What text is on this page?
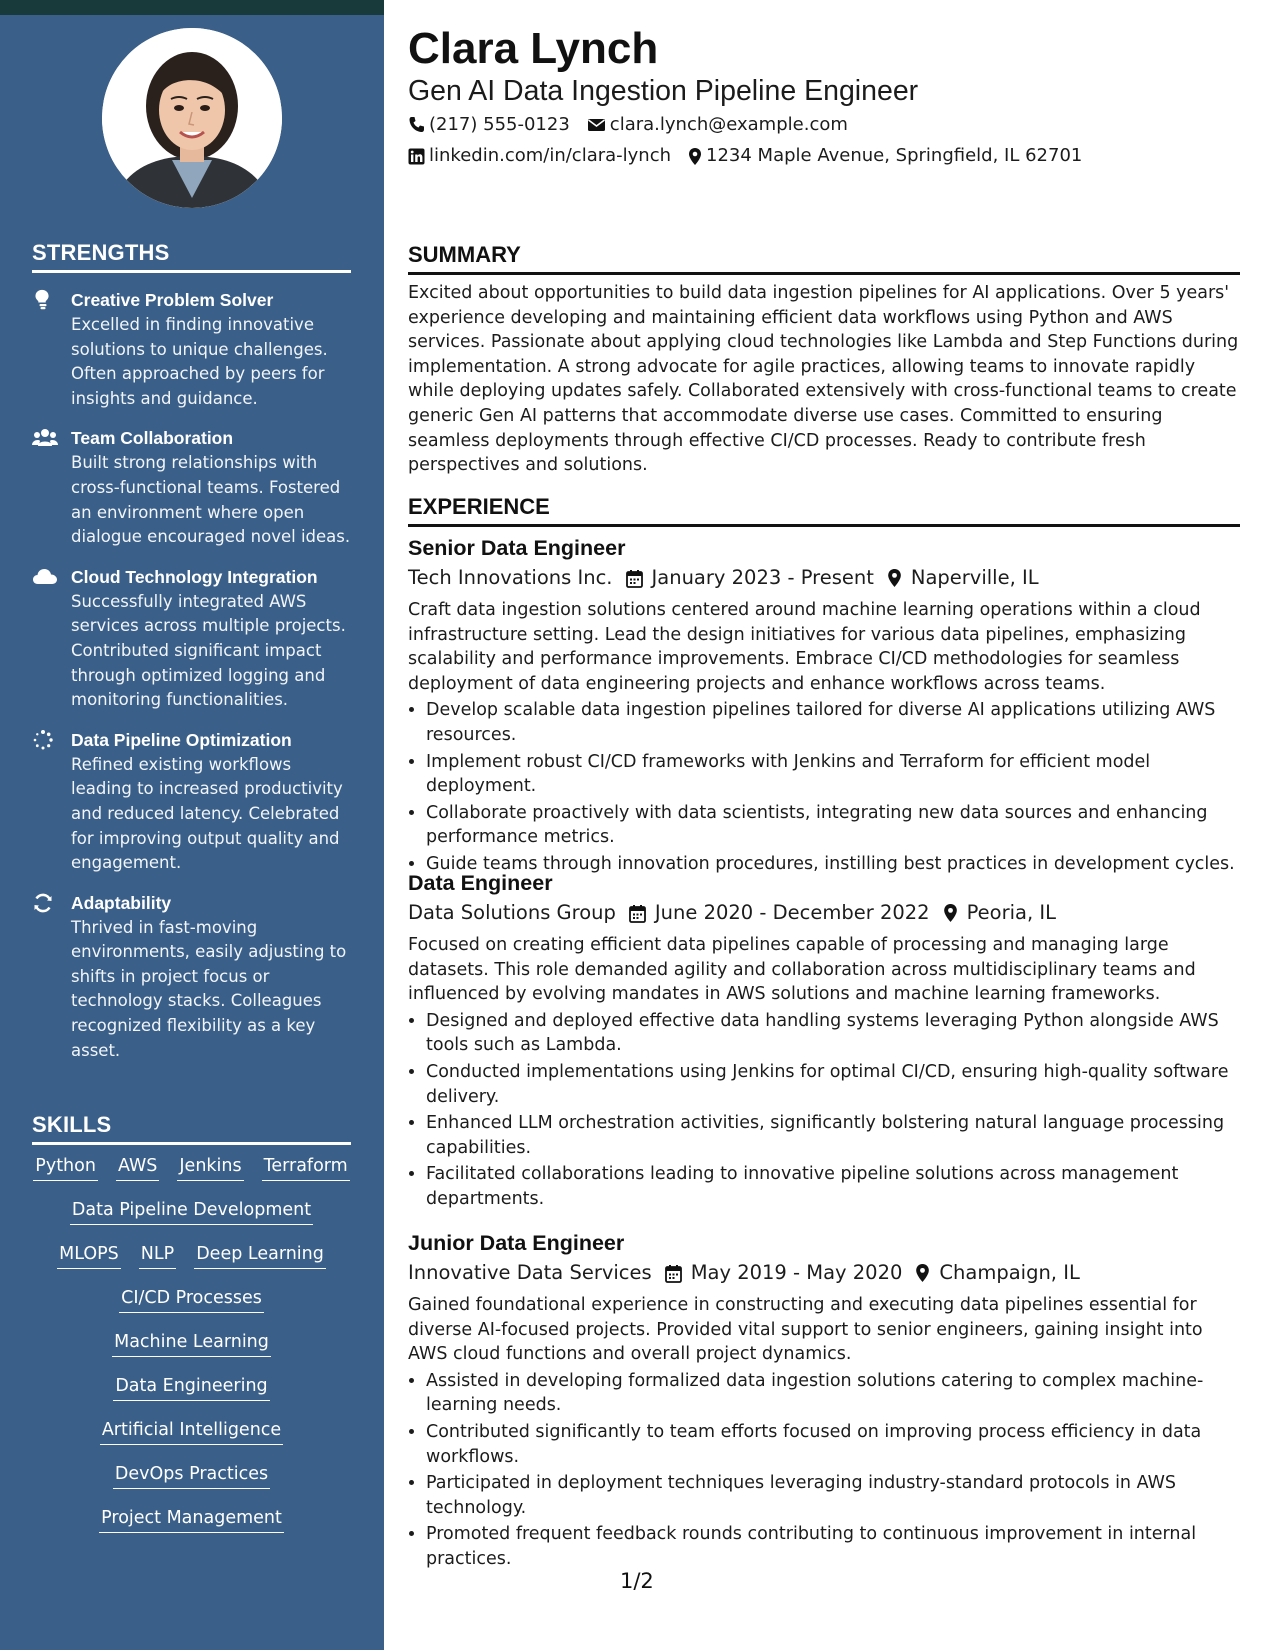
STRENGTHS
Creative Problem Solver
Excelled in finding innovative solutions to unique challenges. Often approached by peers for insights and guidance.
Team Collaboration
Built strong relationships with cross-functional teams. Fostered an environment where open dialogue encouraged novel ideas.
Cloud Technology Integration
Successfully integrated AWS services across multiple projects. Contributed significant impact through optimized logging and monitoring functionalities.
Data Pipeline Optimization
Refined existing workflows leading to increased productivity and reduced latency. Celebrated for improving output quality and engagement.
Adaptability
Thrived in fast-moving environments, easily adjusting to shifts in project focus or technology stacks. Colleagues recognized flexibility as a key asset.
SKILLS
Python AWS Jenkins Terraform
Data Pipeline Development
MLOPS NLP Deep Learning
CI/CD Processes
Machine Learning
Data Engineering
Artificial Intelligence
DevOps Practices
Project Management
Clara Lynch
Gen AI Data Ingestion Pipeline Engineer
(217) 555-0123 clara.lynch@example.com
linkedin.com/in/clara-lynch 1234 Maple Avenue, Springfield, IL 62701
SUMMARY
Excited about opportunities to build data ingestion pipelines for AI applications. Over 5 years' experience developing and maintaining efficient data workflows using Python and AWS services. Passionate about applying cloud technologies like Lambda and Step Functions during implementation. A strong advocate for agile practices, allowing teams to innovate rapidly while deploying updates safely. Collaborated extensively with cross-functional teams to create generic Gen AI patterns that accommodate diverse use cases. Committed to ensuring seamless deployments through effective CI/CD processes. Ready to contribute fresh perspectives and solutions.
EXPERIENCE
Senior Data Engineer
Tech Innovations Inc. January 2023 - Present Naperville, IL
Craft data ingestion solutions centered around machine learning operations within a cloud infrastructure setting. Lead the design initiatives for various data pipelines, emphasizing scalability and performance improvements. Embrace CI/CD methodologies for seamless deployment of data engineering projects and enhance workflows across teams.
• Develop scalable data ingestion pipelines tailored for diverse AI applications utilizing AWS resources.
• Implement robust CI/CD frameworks with Jenkins and Terraform for efficient model deployment.
• Collaborate proactively with data scientists, integrating new data sources and enhancing performance metrics.
• Guide teams through innovation procedures, instilling best practices in development cycles.
Data Engineer
Data Solutions Group June 2020 - December 2022 Peoria, IL
Focused on creating efficient data pipelines capable of processing and managing large datasets. This role demanded agility and collaboration across multidisciplinary teams and influenced by evolving mandates in AWS solutions and machine learning frameworks.
• Designed and deployed effective data handling systems leveraging Python alongside AWS tools such as Lambda.
• Conducted implementations using Jenkins for optimal CI/CD, ensuring high-quality software delivery.
• Enhanced LLM orchestration activities, significantly bolstering natural language processing capabilities.
• Facilitated collaborations leading to innovative pipeline solutions across management departments.
Junior Data Engineer
Innovative Data Services May 2019 - May 2020 Champaign, IL
Gained foundational experience in constructing and executing data pipelines essential for diverse AI-focused projects. Provided vital support to senior engineers, gaining insight into AWS cloud functions and overall project dynamics.
• Assisted in developing formalized data ingestion solutions catering to complex machine-learning needs.
• Contributed significantly to team efforts focused on improving process efficiency in data workflows.
• Participated in deployment techniques leveraging industry-standard protocols in AWS technology.
• Promoted frequent feedback rounds contributing to continuous improvement in internal practices.
1/2
